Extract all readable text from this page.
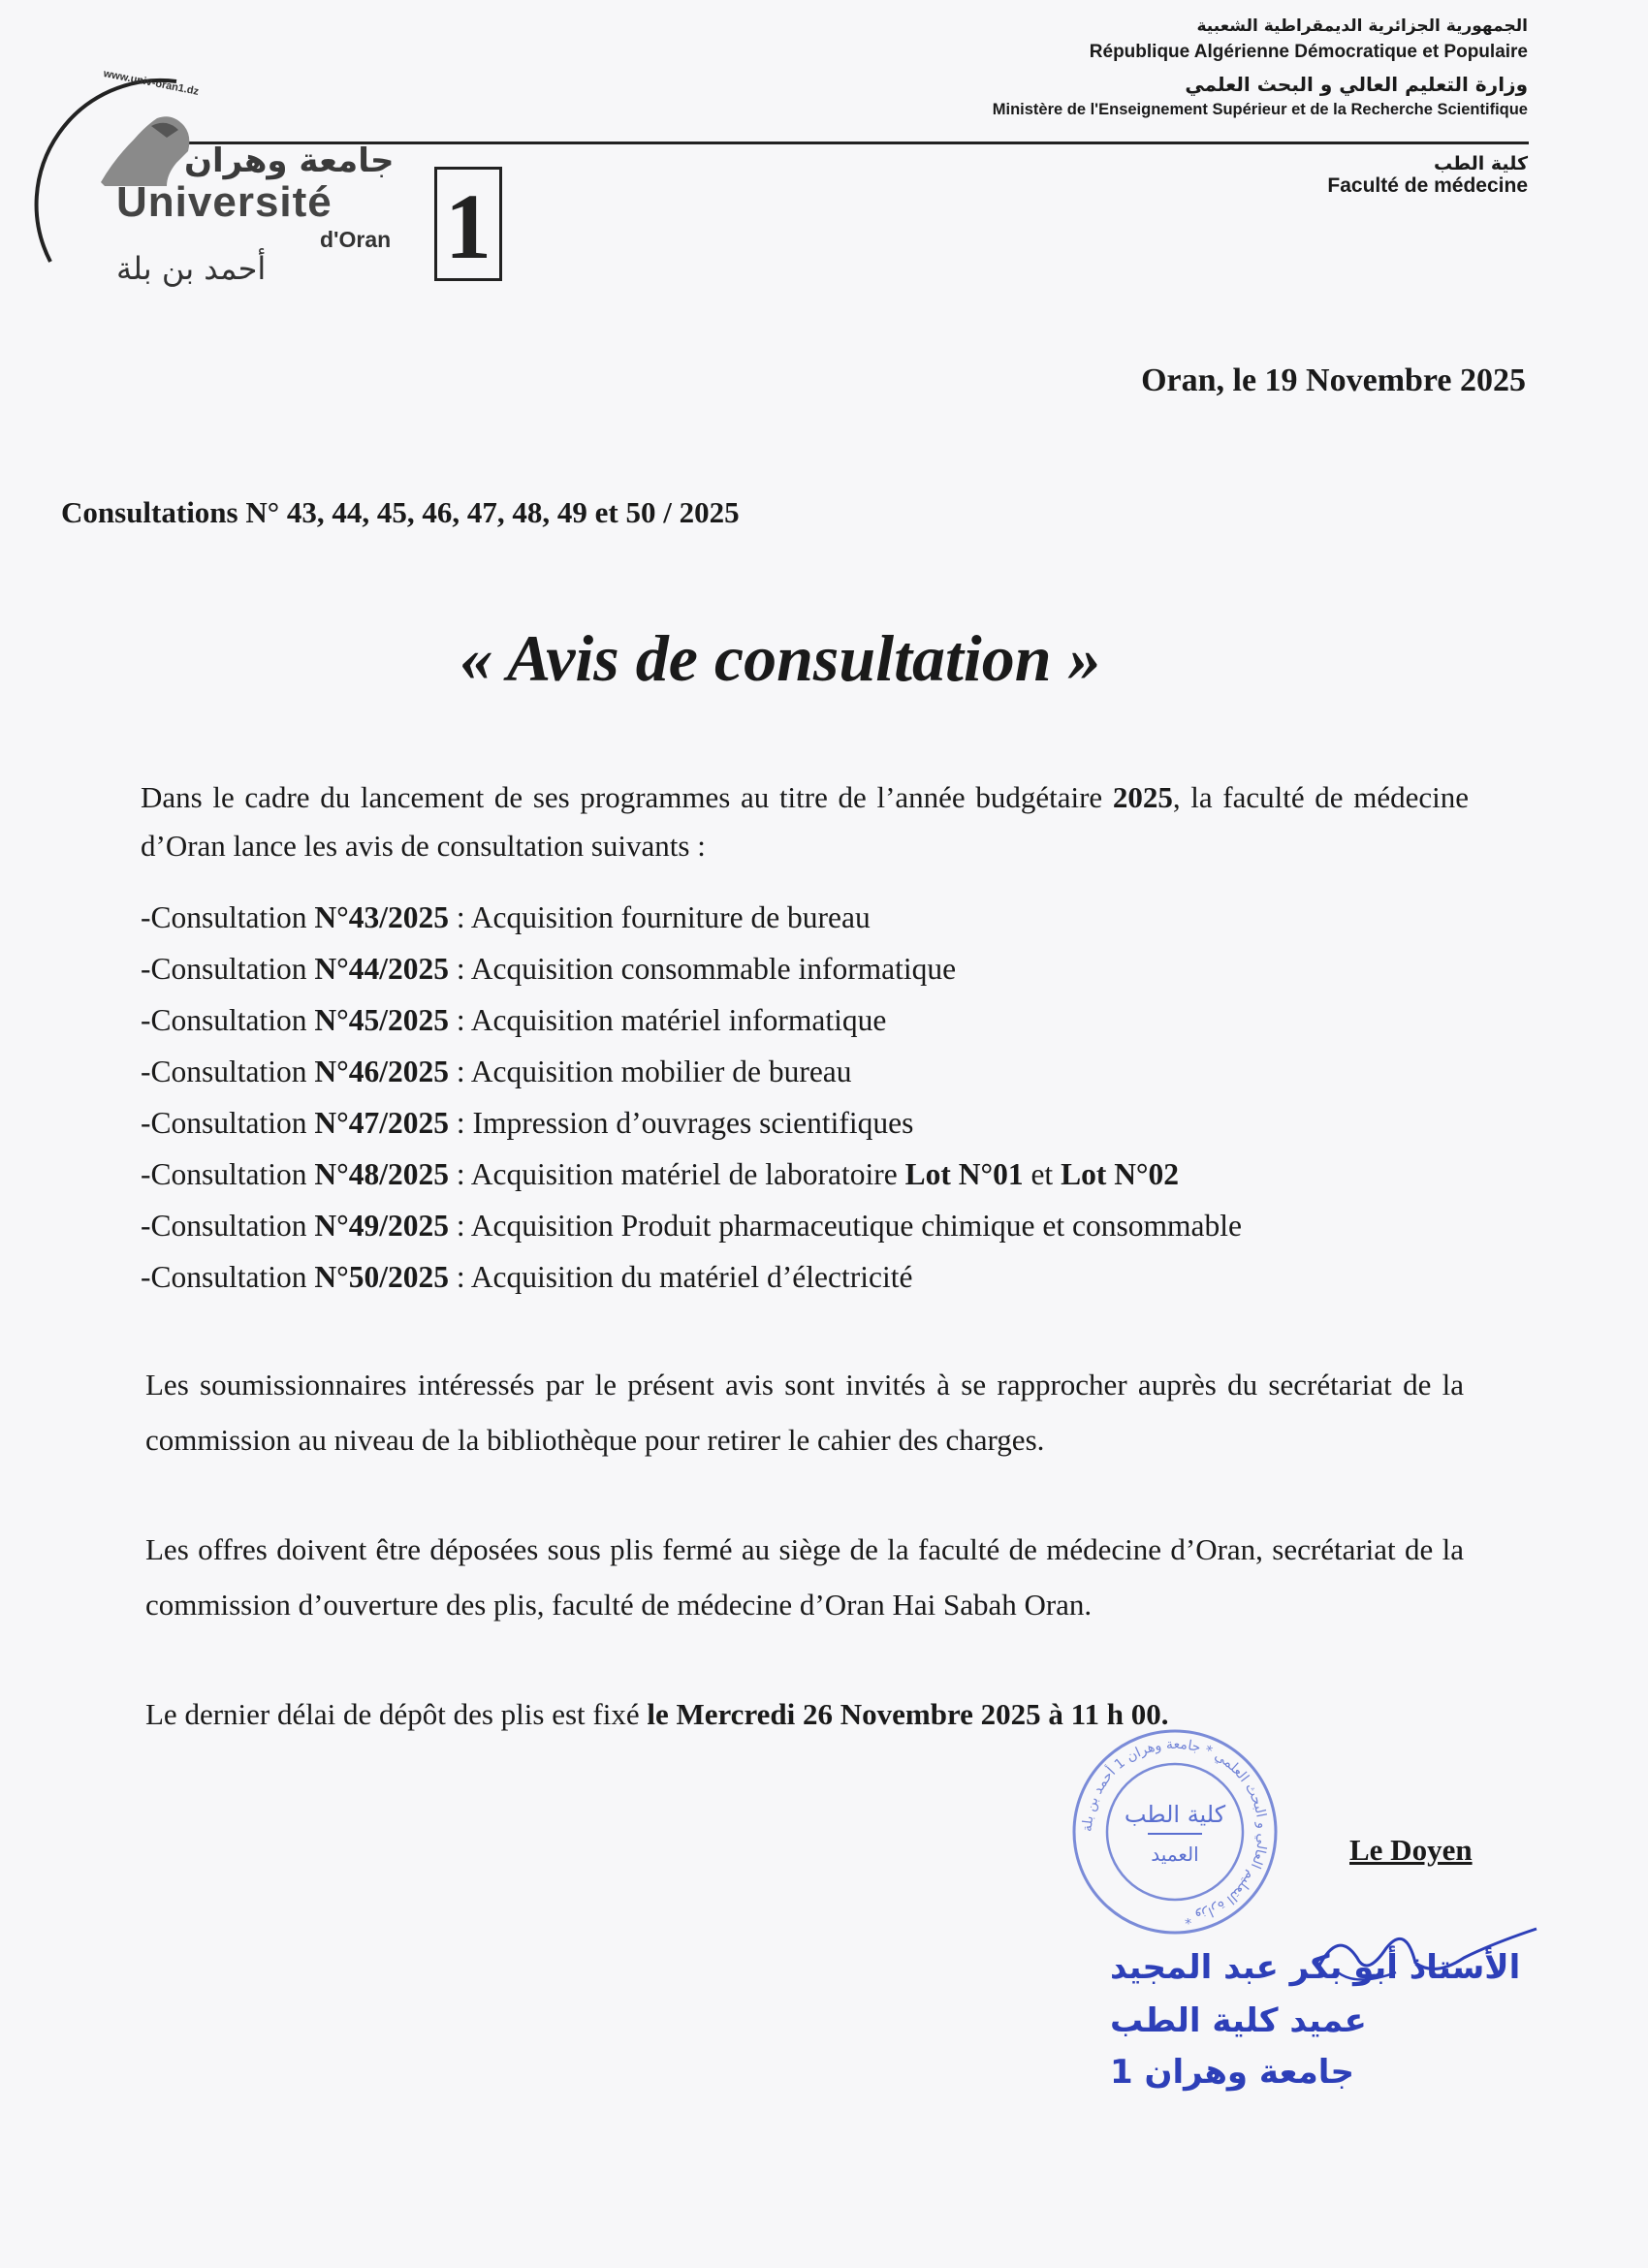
الجمهورية الجزائرية الديمقراطية الشعبية
République Algérienne Démocratique et Populaire
وزارة التعليم العالي و البحث العلمي
Ministère de l'Enseignement Supérieur et de la Recherche Scientifique
كلية الطب
Faculté de médecine
www.univ-oran1.dz
جامعة وهران
Université
d'Oran
أحمد بن بلة 1
Oran, le 19 Novembre 2025
Consultations N° 43, 44, 45, 46, 47, 48, 49 et 50 / 2025
« Avis de consultation »
Dans le cadre du lancement de ses programmes au titre de l’année budgétaire 2025, la faculté de médecine d’Oran lance les avis de consultation suivants :
-Consultation N°43/2025 : Acquisition fourniture de bureau
-Consultation N°44/2025 : Acquisition consommable informatique
-Consultation N°45/2025 : Acquisition matériel informatique
-Consultation N°46/2025 : Acquisition mobilier de bureau
-Consultation N°47/2025 : Impression d’ouvrages scientifiques
-Consultation N°48/2025 : Acquisition matériel de laboratoire Lot N°01 et Lot N°02
-Consultation N°49/2025 : Acquisition Produit pharmaceutique chimique et consommable
-Consultation N°50/2025 : Acquisition du matériel d’électricité
Les soumissionnaires intéressés par le présent avis sont invités à se rapprocher auprès du secrétariat de la commission au niveau de la bibliothèque pour retirer le cahier des charges.
Les offres doivent être déposées sous plis fermé au siège de la faculté de médecine d’Oran, secrétariat de la commission d’ouverture des plis, faculté de médecine d’Oran Hai Sabah Oran.
Le dernier délai de dépôt des plis est fixé le Mercredi 26 Novembre 2025 à 11 h 00.
Le Doyen
وزارة التعليم العالي و البحث العلمي * جامعة وهران 1 أحمد بن بلة *
كلية الطب
العميد
الأستاذ أبو بكر عبد المجيد
عميد كلية الطب
جامعة وهران 1
